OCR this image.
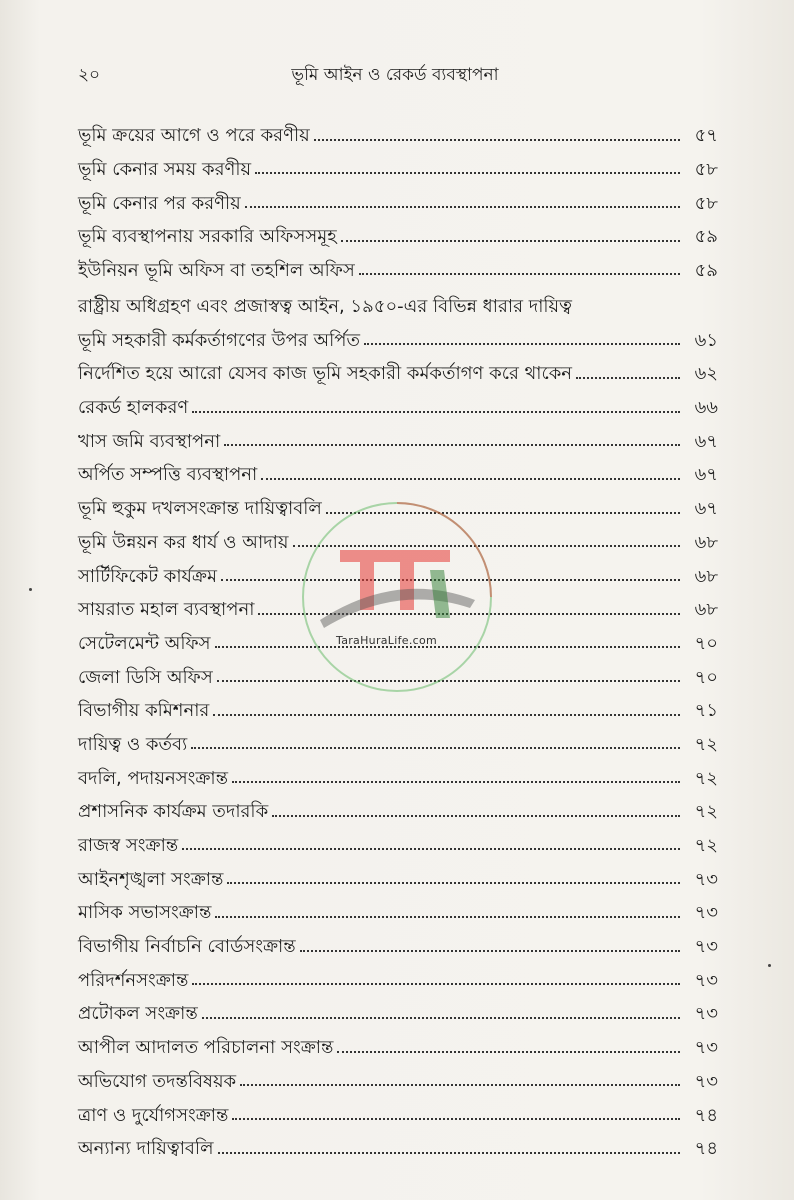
২০	ভূমি আইন ও রেকর্ড ব্যবস্থাপনা
ভূমি ক্রয়ের আগে ও পরে করণীয়	৫৭
ভূমি কেনার সময় করণীয়	৫৮
ভূমি কেনার পর করণীয়	৫৮
ভূমি ব্যবস্থাপনায় সরকারি অফিসসমূহ	৫৯
ইউনিয়ন ভূমি অফিস বা তহশিল অফিস	৫৯
রাষ্ট্রীয় অধিগ্রহণ এবং প্রজাস্বত্ব আইন, ১৯৫০-এর বিভিন্ন ধারার দায়িত্ব
ভূমি সহকারী কর্মকর্তাগণের উপর অর্পিত	৬১
নির্দেশিত হয়ে আরো যেসব কাজ ভূমি সহকারী কর্মকর্তাগণ করে থাকেন	৬২
রেকর্ড হালকরণ	৬৬
খাস জমি ব্যবস্থাপনা	৬৭
অর্পিত সম্পত্তি ব্যবস্থাপনা	৬৭
ভূমি হুকুম দখলসংক্রান্ত দায়িত্বাবলি	৬৭
ভূমি উন্নয়ন কর ধার্য ও আদায়	৬৮
সার্টিফিকেট কার্যক্রম	৬৮
সায়রাত মহাল ব্যবস্থাপনা	৬৮
সেটেলমেন্ট অফিস	৭০
জেলা ডিসি অফিস	৭০
বিভাগীয় কমিশনার	৭১
দায়িত্ব ও কর্তব্য	৭২
বদলি, পদায়নসংক্রান্ত	৭২
প্রশাসনিক কার্যক্রম তদারকি	৭২
রাজস্ব সংক্রান্ত	৭২
আইনশৃঙ্খলা সংক্রান্ত	৭৩
মাসিক সভাসংক্রান্ত	৭৩
বিভাগীয় নির্বাচনি বোর্ডসংক্রান্ত	৭৩
পরিদর্শনসংক্রান্ত	৭৩
প্রটোকল সংক্রান্ত	৭৩
আপীল আদালত পরিচালনা সংক্রান্ত	৭৩
অভিযোগ তদন্তবিষয়ক	৭৩
ত্রাণ ও দুর্যোগসংক্রান্ত	৭৪
অন্যান্য দায়িত্বাবলি	৭৪
TaraHuraLife.com
